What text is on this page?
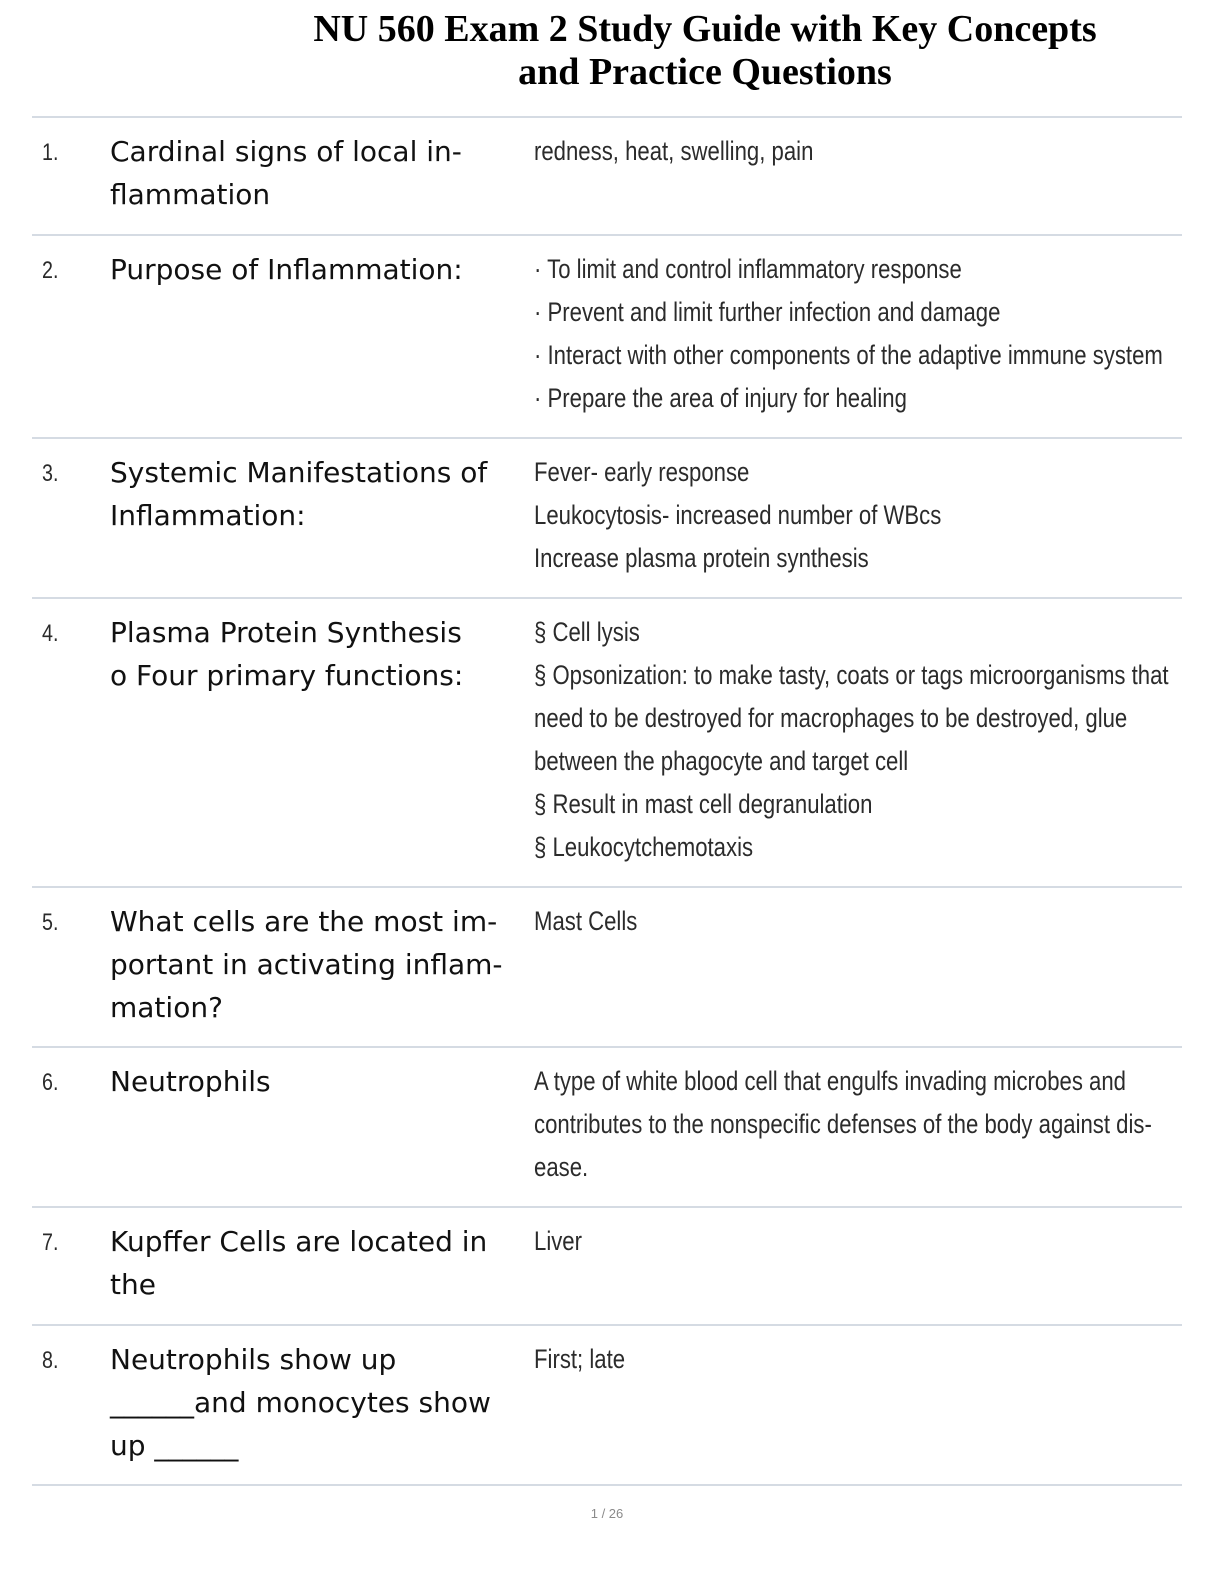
NU 560 Exam 2 Study Guide with Key Concepts
and Practice Questions
1. Cardinal signs of local in-
flammation
redness, heat, swelling, pain
2. Purpose of Inflammation:	· To limit and control inflammatory response
· Prevent and limit further infection and damage
· Interact with other components of the adaptive immune system
· Prepare the area of injury for healing
3. Systemic Manifestations of
Inflammation:
Fever- early response
Leukocytosis- increased number of WBcs
Increase plasma protein synthesis
4. Plasma Protein Synthesis
o Four primary functions:
§ Cell lysis
§ Opsonization: to make tasty, coats or tags microorganisms that
need to be destroyed for macrophages to be destroyed, glue
between the phagocyte and target cell
§ Result in mast cell degranulation
§ Leukocytchemotaxis
5. What cells are the most im-
portant in activating inflam-
mation?
Mast Cells
6. Neutrophils	A type of white blood cell that engulfs invading microbes and
contributes to the nonspecific defenses of the body against dis-
ease.
7. Kupffer Cells are located in
the
Liver
8. Neutrophils show up
______and monocytes show
up ______
First; late
1 / 26
